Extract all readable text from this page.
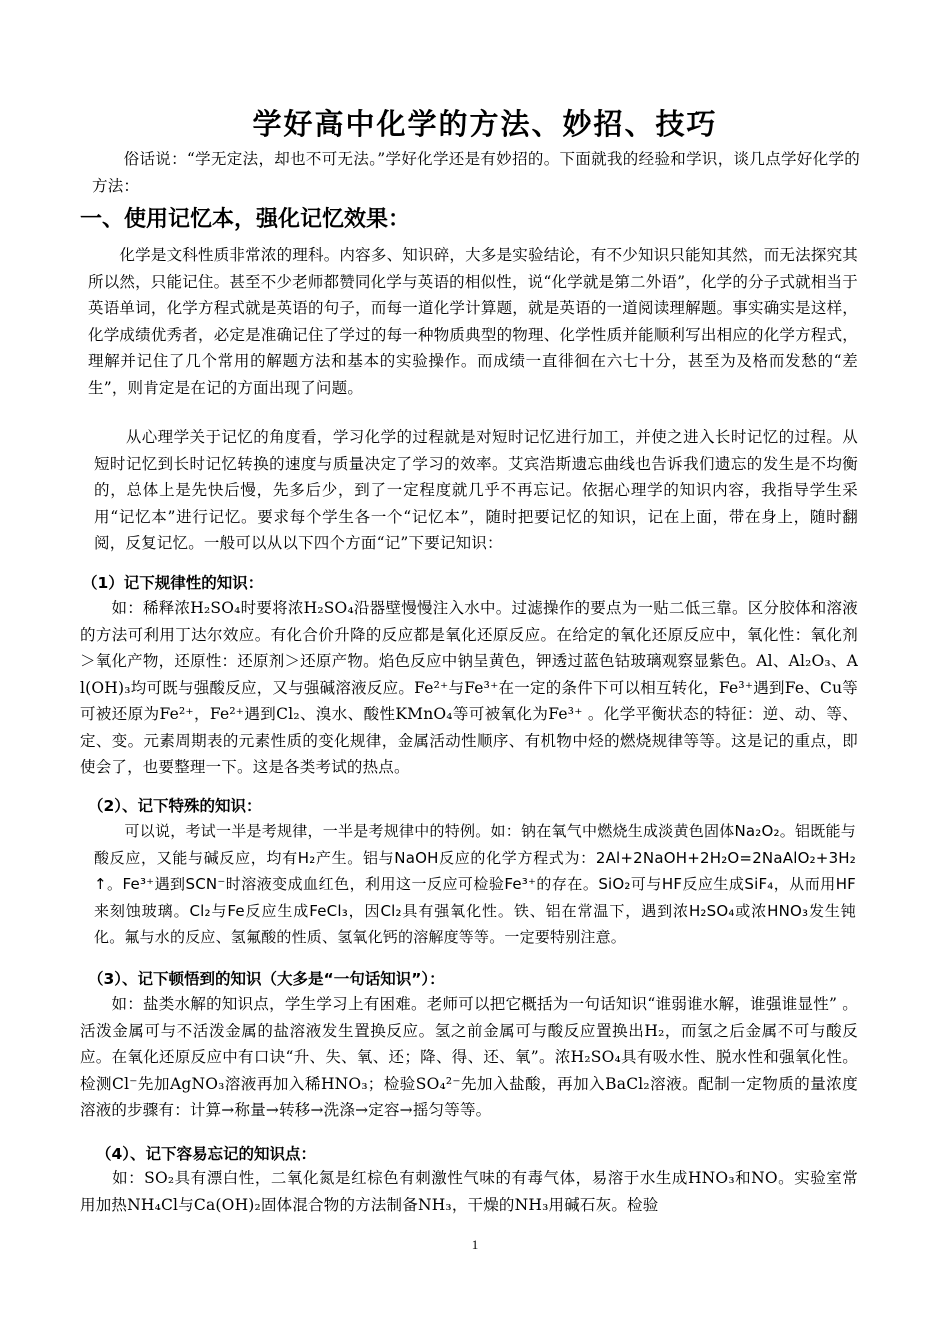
学好高中化学的方法、妙招、技巧

　　俗话说：“学无定法，却也不可无法。”学好化学还是有妙招的。下面就我的经验和学识，谈几点学好化学的方法：

一、使用记忆本，强化记忆效果：

　　化学是文科性质非常浓的理科。内容多、知识碎，大多是实验结论，有不少知识只能知其然，而无法探究其所以然，只能记住。甚至不少老师都赞同化学与英语的相似性，说“化学就是第二外语”，化学的分子式就相当于英语单词，化学方程式就是英语的句子，而每一道化学计算题，就是英语的一道阅读理解题。事实确实是这样，化学成绩优秀者，必定是准确记住了学过的每一种物质典型的物理、化学性质并能顺利写出相应的化学方程式，理解并记住了几个常用的解题方法和基本的实验操作。而成绩一直徘徊在六七十分，甚至为及格而发愁的“差生”，则肯定是在记的方面出现了问题。

　　从心理学关于记忆的角度看，学习化学的过程就是对短时记忆进行加工，并使之进入长时记忆的过程。从短时记忆到长时记忆转换的速度与质量决定了学习的效率。艾宾浩斯遗忘曲线也告诉我们遗忘的发生是不均衡的，总体上是先快后慢，先多后少，到了一定程度就几乎不再忘记。依据心理学的知识内容，我指导学生采用“记忆本”进行记忆。要求每个学生各一个“记忆本”，随时把要记忆的知识，记在上面，带在身上，随时翻阅，反复记忆。一般可以从以下四个方面“记”下要记知识：

（1）记下规律性的知识：

　　如：稀释浓H₂SO₄时要将浓H₂SO₄沿器壁慢慢注入水中。过滤操作的要点为一贴二低三靠。区分胶体和溶液的方法可利用丁达尔效应。有化合价升降的反应都是氧化还原反应。在给定的氧化还原反应中，氧化性：氧化剂＞氧化产物，还原性：还原剂＞还原产物。焰色反应中钠呈黄色，钾透过蓝色钴玻璃观察显紫色。Al、Al₂O₃、Al(OH)₃均可既与强酸反应，又与强碱溶液反应。Fe²⁺与Fe³⁺在一定的条件下可以相互转化，Fe³⁺遇到Fe、Cu等可被还原为Fe²⁺，Fe²⁺遇到Cl₂、溴水、酸性KMnO₄等可被氧化为Fe³⁺ 。化学平衡状态的特征：逆、动、等、定、变。元素周期表的元素性质的变化规律，金属活动性顺序、有机物中烃的燃烧规律等等。这是记的重点，即使会了，也要整理一下。这是各类考试的热点。

（2）、记下特殊的知识：

　　可以说，考试一半是考规律，一半是考规律中的特例。如：钠在氧气中燃烧生成淡黄色固体Na₂O₂。铝既能与酸反应，又能与碱反应，均有H₂产生。铝与NaOH反应的化学方程式为：2Al+2NaOH+2H₂O=2NaAlO₂+3H₂↑。Fe³⁺遇到SCN⁻时溶液变成血红色，利用这一反应可检验Fe³⁺的存在。SiO₂可与HF反应生成SiF₄，从而用HF来刻蚀玻璃。Cl₂与Fe反应生成FeCl₃，因Cl₂具有强氧化性。铁、铝在常温下，遇到浓H₂SO₄或浓HNO₃发生钝化。氟与水的反应、氢氟酸的性质、氢氧化钙的溶解度等等。一定要特别注意。

（3）、记下顿悟到的知识（大多是“一句话知识”）：

　　如：盐类水解的知识点，学生学习上有困难。老师可以把它概括为一句话知识“谁弱谁水解，谁强谁显性” 。活泼金属可与不活泼金属的盐溶液发生置换反应。氢之前金属可与酸反应置换出H₂，而氢之后金属不可与酸反应。在氧化还原反应中有口诀“升、失、氧、还；降、得、还、氧”。浓H₂SO₄具有吸水性、脱水性和强氧化性。检测Cl⁻先加AgNO₃溶液再加入稀HNO₃；检验SO₄²⁻先加入盐酸，再加入BaCl₂溶液。配制一定物质的量浓度溶液的步骤有：计算→称量→转移→洗涤→定容→摇匀等等。

（4）、记下容易忘记的知识点：

　　如：SO₂具有漂白性，二氧化氮是红棕色有刺激性气味的有毒气体，易溶于水生成HNO₃和NO。实验室常用加热NH₄Cl与Ca(OH)₂固体混合物的方法制备NH₃，干燥的NH₃用碱石灰。检验

1
